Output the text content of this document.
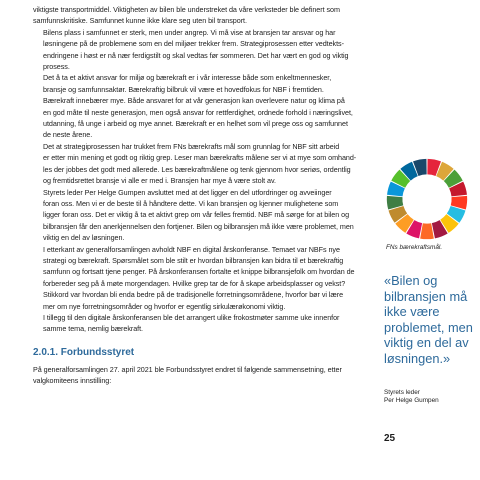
viktigste transportmiddel. Viktigheten av bilen ble understreket da våre verksteder ble definert som
samfunnskritiske. Samfunnet kunne ikke klare seg uten bil transport.

Bilens plass i samfunnet er sterk, men under angrep. Vi må vise at bransjen tar ansvar og har
løsningene på de problemene som en del miljøer trekker frem. Strategiprosessen etter vedtekts-
endringene i høst er nå nær ferdigstilt og skal vedtas før sommeren. Det har vært en god og viktig
prosess.

Det å ta et aktivt ansvar for miljø og bærekraft er i vår interesse både som enkeltmennesker,
bransje og samfunnsaktør. Bærekraftig bilbruk vil være et hovedfokus for NBF i fremtiden.
Bærekraft innebærer mye. Både ansvaret for at vår generasjon kan overlevere natur og klima på
en god måte til neste generasjon, men også ansvar for rettferdighet, ordnede forhold i næringslivet,
utdanning, få unge i arbeid og mye annet. Bærekraft er en helhet som vil prege oss og samfunnet
de neste årene.

Det at strategiprosessen har trukket frem FNs bærekrafts mål som grunnlag for NBF sitt arbeid
er etter min mening et godt og riktig grep. Leser man bærekrafts målene ser vi at mye som omhand-
les der jobbes det godt med allerede. Les bærekraftmålene og tenk gjennom hvor seriøs, ordentlig
og fremtidsrettet bransje vi alle er med i. Bransjen har mye å være stolt av.

Styrets leder Per Helge Gumpen avsluttet med at det ligger en del utfordringer og avveiinger
foran oss. Men vi er de beste til å håndtere dette. Vi kan bransjen og kjenner mulighetene som
ligger foran oss. Det er viktig å ta et aktivt grep om vår felles fremtid. NBF må sørge for at bilen og
bilbransjen får den anerkjennelsen den fortjener. Bilen og bilbransjen må ikke være problemet, men
viktig en del av løsningen.

I etterkant av generalforsamlingen avholdt NBF en digital årskonferanse. Temaet var NBFs nye
strategi og bærekraft. Spørsmålet som ble stilt er hvordan bilbransjen kan bidra til et bærekraftig
samfunn og fortsatt tjene penger. På årskonferansen fortalte et knippe bilbransjefolk om hvordan de
forbereder seg på å møte morgendagen. Hvilke grep tar de for å skape arbeidsplasser og vekst?
Stikkord var hvordan bli enda bedre på de tradisjonelle forretningsområdene, hvorfor bør vi lære
mer om nye forretningsområder og hvorfor er egentlig sirkulærøkonomi viktig.

I tillegg til den digitale årskonferansen ble det arrangert ulike frokostmøter samme uke innenfor
samme tema, nemlig bærekraft.

2.0.1. Forbundsstyret

På generalforsamlingen 27. april 2021 ble Forbundsstyret endret til følgende sammensetning, etter
valgkomiteens innstilling:

FNs bærekraftsmål.
«Bilen og bilbransjen må ikke være problemet, men viktig en del av løsningen.»
Styrets leder
Per Helge Gumpen
25
